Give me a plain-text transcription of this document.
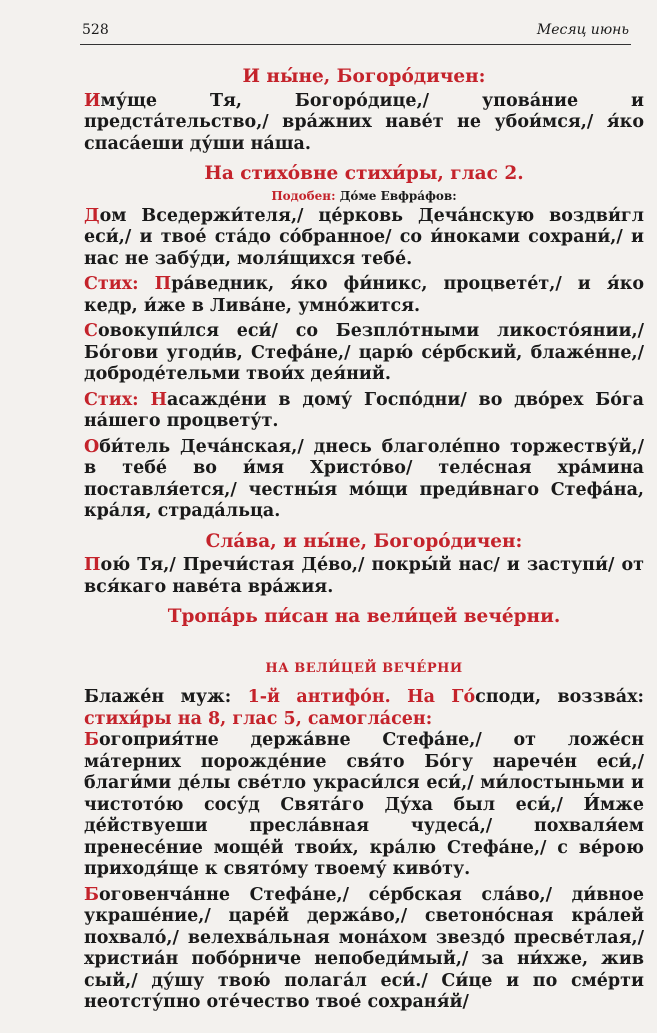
528	Месяц июнь
И ны́не, Богоро́дичен:

Иму́ще Тя, Богоро́дице,/ упова́ние и предста́тельство,/ вра́жних наве́т не убои́мся,/ я́ко спаса́еши ду́ши на́ша.

На стихо́вне стихи́ры, глас 2.
Подобен: До́ме Евфра́фов:

Дом Вседержи́теля,/ це́рковь Деча́нскую воздви́гл еси́,/ и твое́ ста́до со́бранное/ со и́ноками сохрани́,/ и нас не забу́ди, моля́щихся тебе́.

Стих: Пра́ведник, я́ко фи́никс, процвете́т,/ и я́ко кедр, и́же в Лива́не, умно́жится.

Совокупи́лся еси́/ со Безпло́тными ликосто́янии,/ Бо́гови угоди́в, Стефа́не,/ царю́ се́рбский, блаже́нне,/ доброде́тельми твои́х дея́ний.

Стих: Насажде́ни в дому́ Госпо́дни/ во дво́рех Бо́га на́шего процвету́т.

Оби́тель Деча́нская,/ днесь благоле́пно торжеству́й,/ в тебе́ во и́мя Христо́во/ теле́сная хра́мина поставля́ется,/ честны́я мо́щи преди́внаго Стефа́на, кра́ля, страда́льца.

Сла́ва, и ны́не, Богоро́дичен:

Пою́ Тя,/ Пречи́стая Де́во,/ покры́й нас/ и заступи́/ от вся́каго наве́та вра́жия.

Тропа́рь пи́сан на вели́цей вече́рни.
НА ВЕЛИ́ЦЕЙ ВЕЧЕ́РНИ

Блаже́н муж: 1-й антифо́н. На Го́споди, воззва́х: стихи́ры на 8, глас 5, самогла́сен:

Богоприя́тне держа́вне Стефа́не,/ от ложе́сн ма́терних порожде́ние свя́то Бо́гу нарече́н еси́,/ благи́ми де́лы све́тло украси́лся еси́,/ ми́лостыньми и чистото́ю сосу́д Свята́го Ду́ха был еси́,/ И́мже де́йствуеши пресла́вная чудеса́,/ похваля́ем пренесе́ние моще́й твои́х, кра́лю Стефа́не,/ с ве́рою приходя́ще к свято́му твоему́ киво́ту.

Боговенча́нне Стефа́не,/ се́рбская сла́во,/ ди́вное украше́ние,/ царе́й держа́во,/ светоно́сная кра́лей похвало́,/ велехва́льная мона́хом звездо́ пресве́тлая,/ христиа́н побо́рниче непобеди́мый,/ за ни́хже, жив сый,/ ду́шу твою́ полага́л еси́./ Си́це и по сме́рти неотсту́пно оте́чество твое́ сохраня́й/
